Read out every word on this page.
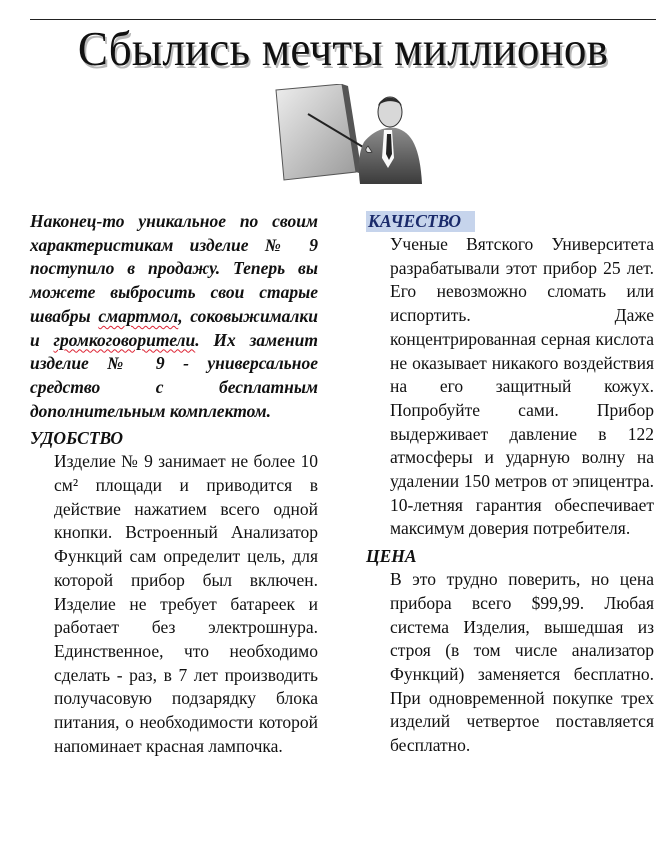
Сбылись мечты миллионов

Наконец-то уникальное по своим характеристикам изделие № 9 поступило в продажу. Теперь вы можете выбросить свои старые швабры смартмол, соковыжималки и громкоговорители. Их заменит изделие № 9 - универсальное средство с бесплатным дополнительным комплектом.

УДОБСТВО

Изделие № 9 занимает не более 10 см² площади и приводится в действие нажатием всего одной кнопки. Встроенный Анализатор Функций сам определит цель, для которой прибор был включен. Изделие не требует батареек и работает без электрошнура. Единственное, что необходимо сделать - раз, в 7 лет производить получасовую подзарядку блока питания, о необходимости которой напоминает красная лампочка.

КАЧЕСТВО

Ученые Вятского Университета разрабатывали этот прибор 25 лет. Его невозможно сломать или испортить. Даже концентрированная серная кислота не оказывает никакого воздействия на его защитный кожух. Попробуйте сами. Прибор выдерживает давление в 122 атмосферы и ударную волну на удалении 150 метров от эпицентра. 10-летняя гарантия обеспечивает максимум доверия потребителя.

ЦЕНА

В это трудно поверить, но цена прибора всего $99,99. Любая система Изделия, вышедшая из строя (в том числе анализатор Функций) заменяется бесплатно. При одновременной покупке трех изделий четвертое поставляется бесплатно.
